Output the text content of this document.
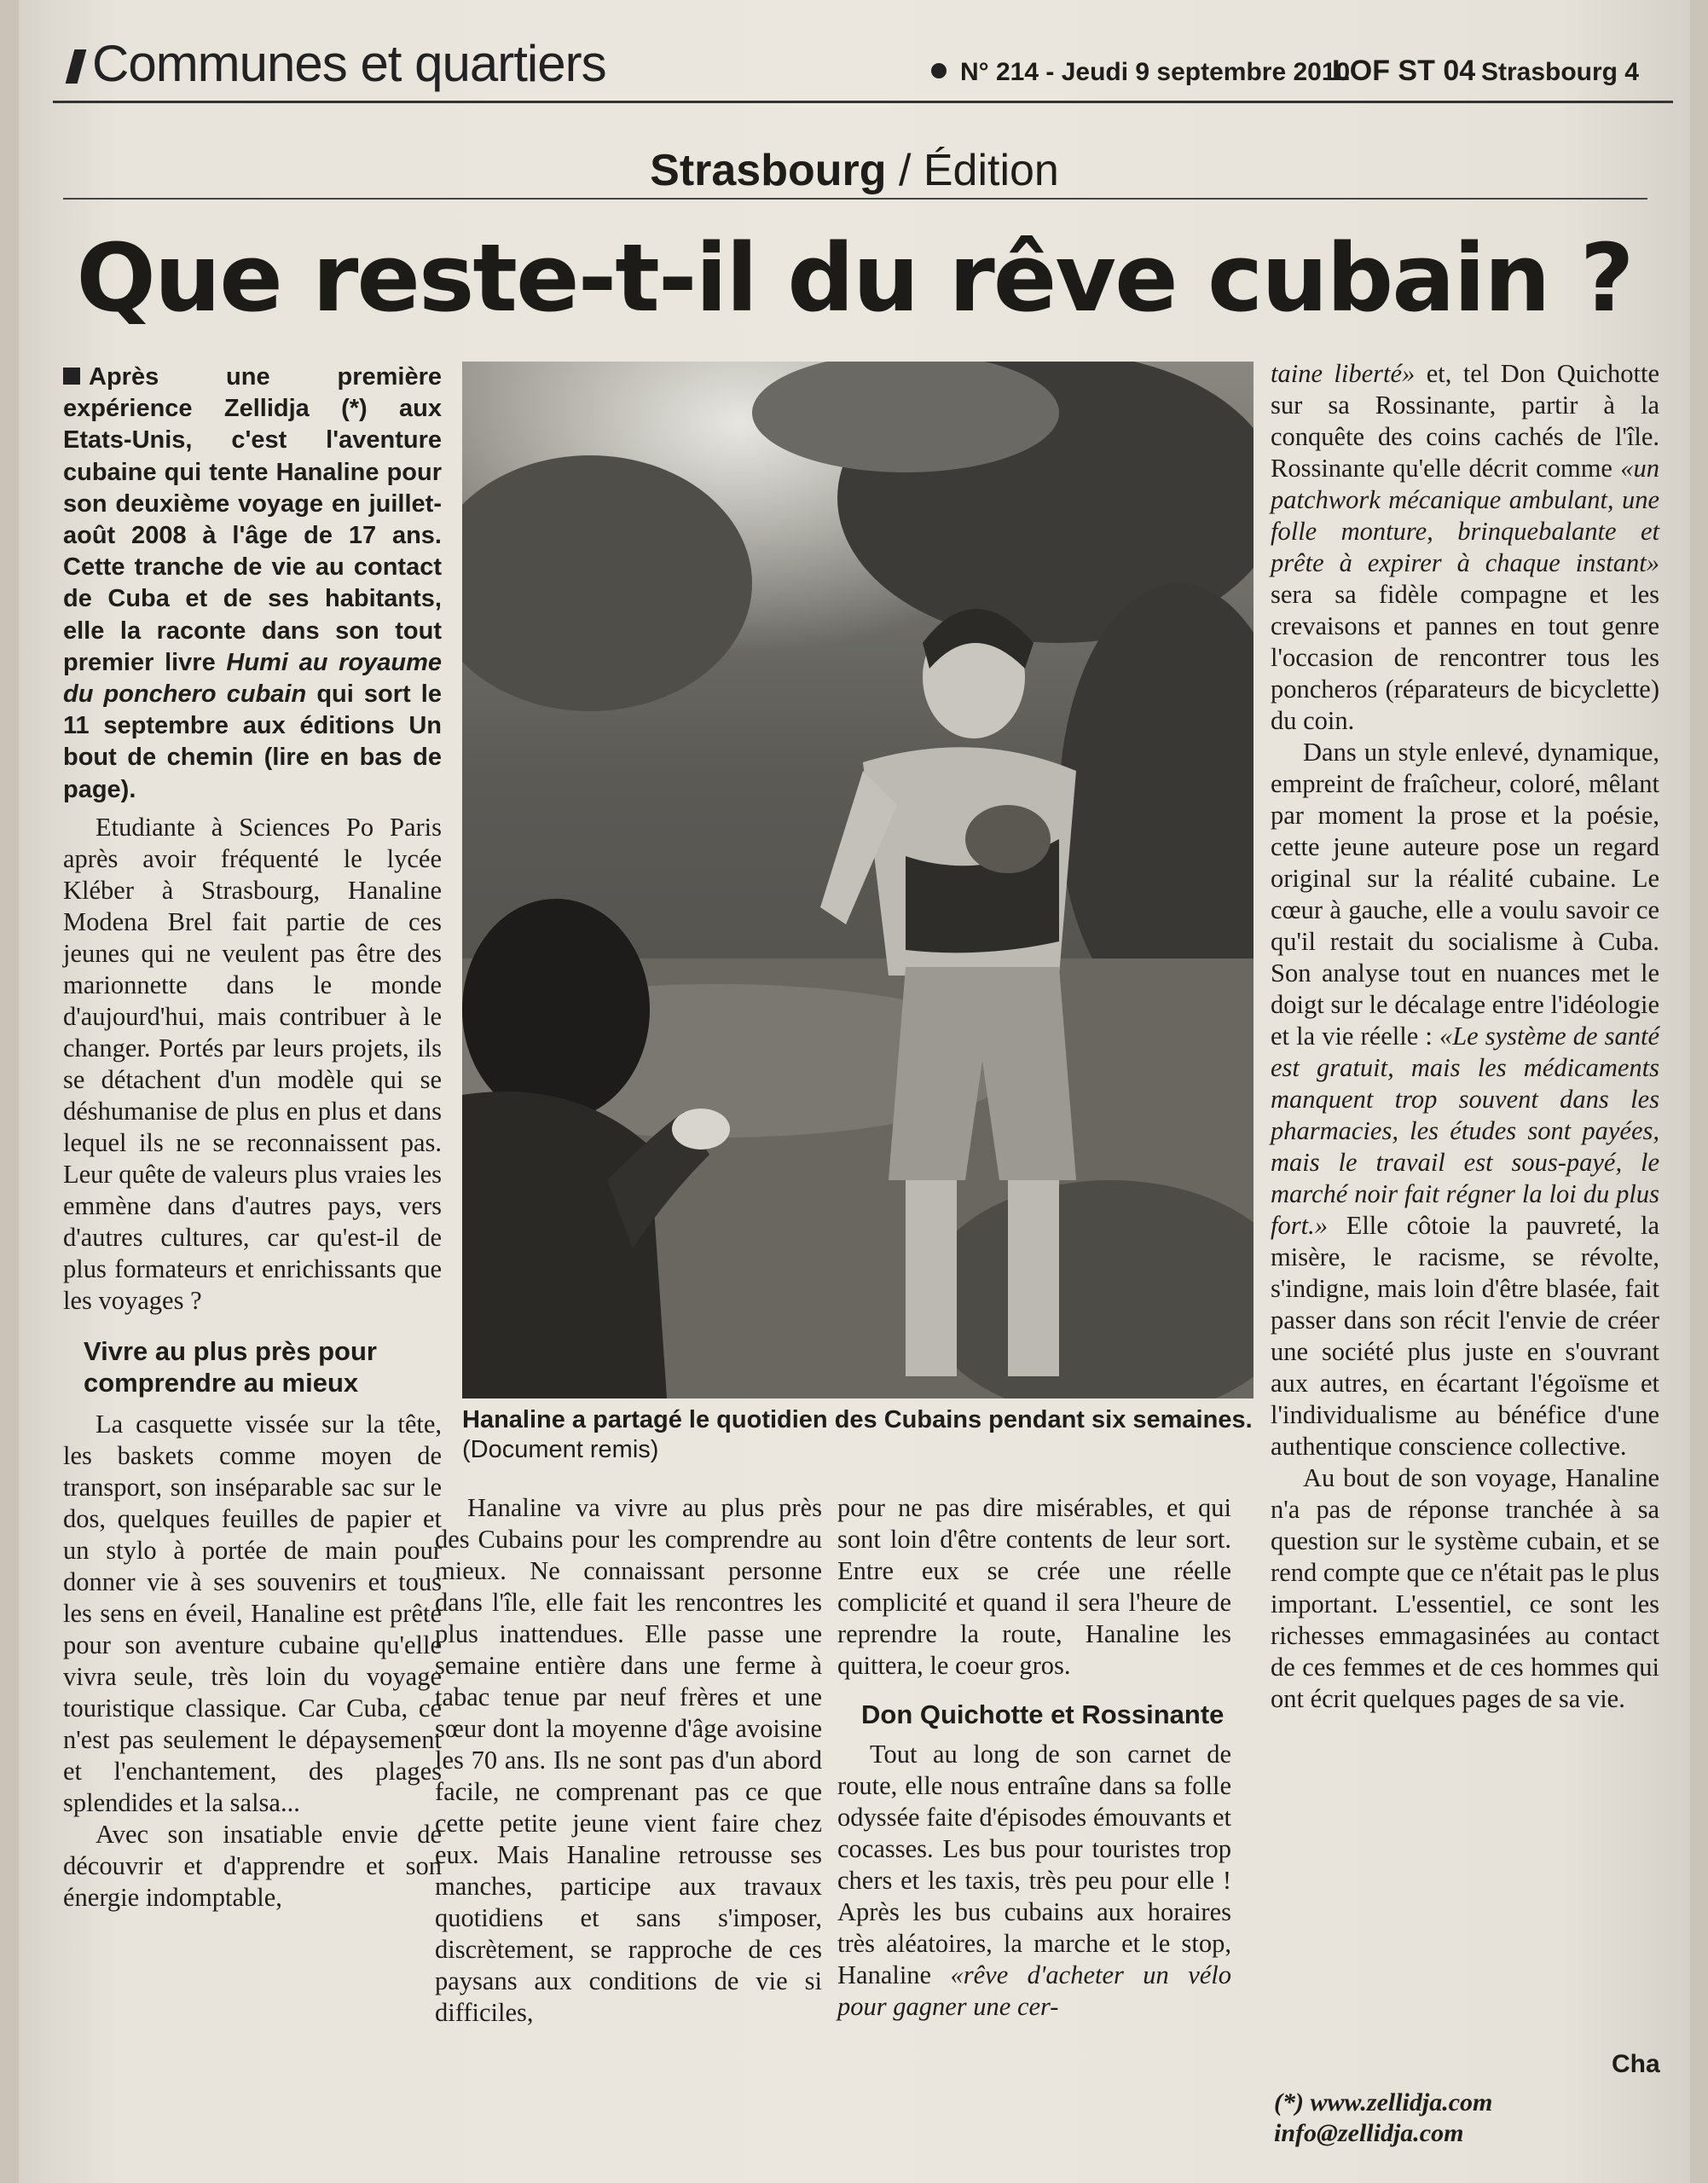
Communes et quartiers	N° 214 - Jeudi 9 septembre 2010
LOF ST 04 Strasbourg 4
Strasbourg / Édition
Que reste-t-il du rêve cubain ?
Après une première expérience Zellidja (*) aux Etats-Unis, c'est l'aventure cubaine qui tente Hanaline pour son deuxième voyage en juillet-août 2008 à l'âge de 17 ans. Cette tranche de vie au contact de Cuba et de ses habitants, elle la raconte dans son tout premier livre Humi au royaume du ponchero cubain qui sort le 11 septembre aux éditions Un bout de chemin (lire en bas de page).

Etudiante à Sciences Po Paris après avoir fréquenté le lycée Kléber à Strasbourg, Hanaline Modena Brel fait partie de ces jeunes qui ne veulent pas être des marionnette dans le monde d'aujourd'hui, mais contribuer à le changer. Portés par leurs projets, ils se détachent d'un modèle qui se déshumanise de plus en plus et dans lequel ils ne se reconnaissent pas. Leur quête de valeurs plus vraies les emmène dans d'autres pays, vers d'autres cultures, car qu'est-il de plus formateurs et enrichissants que les voyages ?

Vivre au plus près pour comprendre au mieux

La casquette vissée sur la tête, les baskets comme moyen de transport, son inséparable sac sur le dos, quelques feuilles de papier et un stylo à portée de main pour donner vie à ses souvenirs et tous les sens en éveil, Hanaline est prête pour son aventure cubaine qu'elle vivra seule, très loin du voyage touristique classique. Car Cuba, ce n'est pas seulement le dépaysement et l'enchantement, des plages splendides et la salsa...

Avec son insatiable envie de découvrir et d'apprendre et son énergie indomptable,

Hanaline a partagé le quotidien des Cubains pendant six semaines.
(Document remis)

Hanaline va vivre au plus près des Cubains pour les comprendre au mieux. Ne connaissant personne dans l'île, elle fait les rencontres les plus inattendues. Elle passe une semaine entière dans une ferme à tabac tenue par neuf frères et une sœur dont la moyenne d'âge avoisine les 70 ans. Ils ne sont pas d'un abord facile, ne comprenant pas ce que cette petite jeune vient faire chez eux. Mais Hanaline retrousse ses manches, participe aux travaux quotidiens et sans s'imposer, discrètement, se rapproche de ces paysans aux conditions de vie si difficiles,

pour ne pas dire misérables, et qui sont loin d'être contents de leur sort. Entre eux se crée une réelle complicité et quand il sera l'heure de reprendre la route, Hanaline les quittera, le coeur gros.

Don Quichotte et Rossinante

Tout au long de son carnet de route, elle nous entraîne dans sa folle odyssée faite d'épisodes émouvants et cocasses. Les bus pour touristes trop chers et les taxis, très peu pour elle ! Après les bus cubains aux horaires très aléatoires, la marche et le stop, Hanaline «rêve d'acheter un vélo pour gagner une cer-

taine liberté» et, tel Don Quichotte sur sa Rossinante, partir à la conquête des coins cachés de l'île. Rossinante qu'elle décrit comme «un patchwork mécanique ambulant, une folle monture, brinquebalante et prête à expirer à chaque instant» sera sa fidèle compagne et les crevaisons et pannes en tout genre l'occasion de rencontrer tous les poncheros (réparateurs de bicyclette) du coin.

Dans un style enlevé, dynamique, empreint de fraîcheur, coloré, mêlant par moment la prose et la poésie, cette jeune auteure pose un regard original sur la réalité cubaine. Le cœur à gauche, elle a voulu savoir ce qu'il restait du socialisme à Cuba. Son analyse tout en nuances met le doigt sur le décalage entre l'idéologie et la vie réelle : «Le système de santé est gratuit, mais les médicaments manquent trop souvent dans les pharmacies, les études sont payées, mais le travail est sous-payé, le marché noir fait régner la loi du plus fort.» Elle côtoie la pauvreté, la misère, le racisme, se révolte, s'indigne, mais loin d'être blasée, fait passer dans son récit l'envie de créer une société plus juste en s'ouvrant aux autres, en écartant l'égoïsme et l'individualisme au bénéfice d'une authentique conscience collective.

Au bout de son voyage, Hanaline n'a pas de réponse tranchée à sa question sur le système cubain, et se rend compte que ce n'était pas le plus important. L'essentiel, ce sont les richesses emmagasinées au contact de ces femmes et de ces hommes qui ont écrit quelques pages de sa vie.

Cha
(*) www.zellidja.com
info@zellidja.com
